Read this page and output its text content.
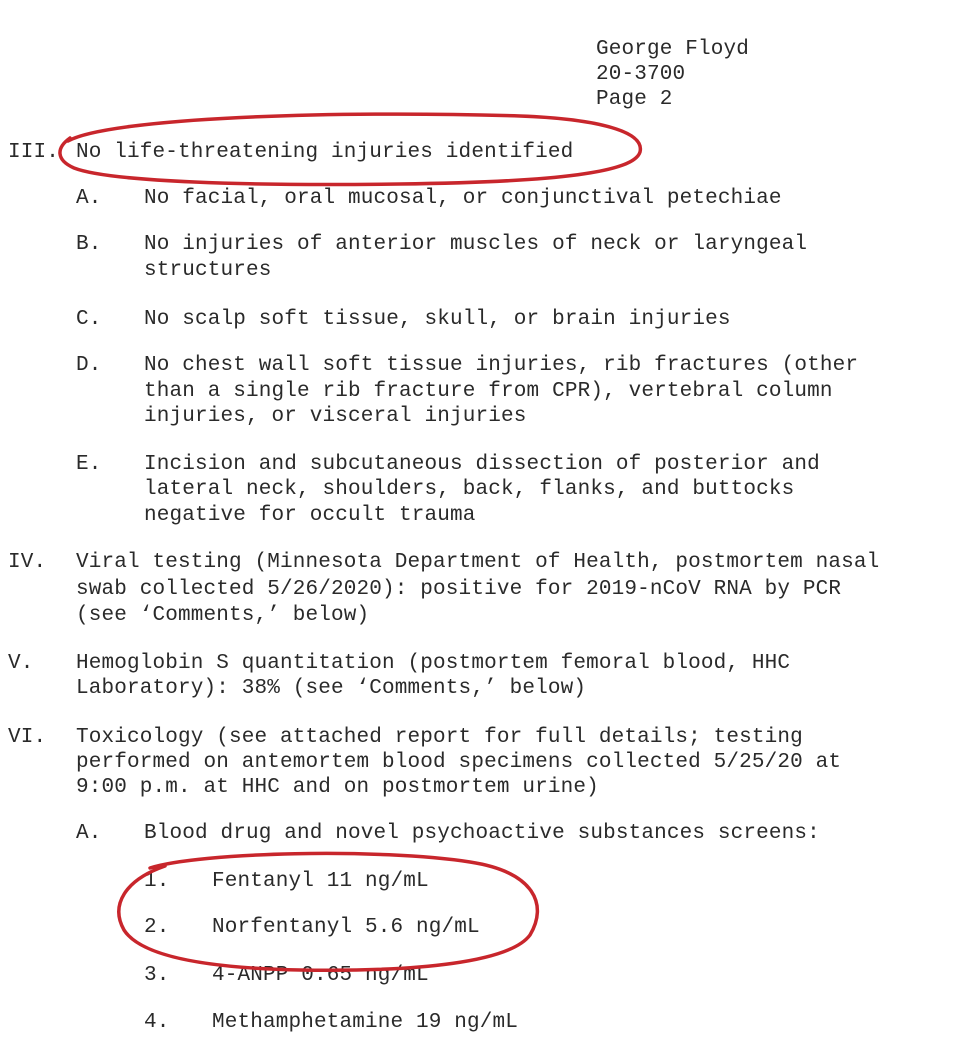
George Floyd
20-3700
Page 2
III. No life-threatening injuries identified
A. No facial, oral mucosal, or conjunctival petechiae
B. No injuries of anterior muscles of neck or laryngeal
structures
C. No scalp soft tissue, skull, or brain injuries
D. No chest wall soft tissue injuries, rib fractures (other
than a single rib fracture from CPR), vertebral column
injuries, or visceral injuries
E. Incision and subcutaneous dissection of posterior and
lateral neck, shoulders, back, flanks, and buttocks
negative for occult trauma
IV. Viral testing (Minnesota Department of Health, postmortem nasal
swab collected 5/26/2020): positive for 2019-nCoV RNA by PCR
(see ‘Comments,’ below)
V. Hemoglobin S quantitation (postmortem femoral blood, HHC
Laboratory): 38% (see ‘Comments,’ below)
VI. Toxicology (see attached report for full details; testing
performed on antemortem blood specimens collected 5/25/20 at
9:00 p.m. at HHC and on postmortem urine)
A. Blood drug and novel psychoactive substances screens:
1. Fentanyl 11 ng/mL
2. Norfentanyl 5.6 ng/mL
3. 4-ANPP 0.65 ng/mL
4. Methamphetamine 19 ng/mL
